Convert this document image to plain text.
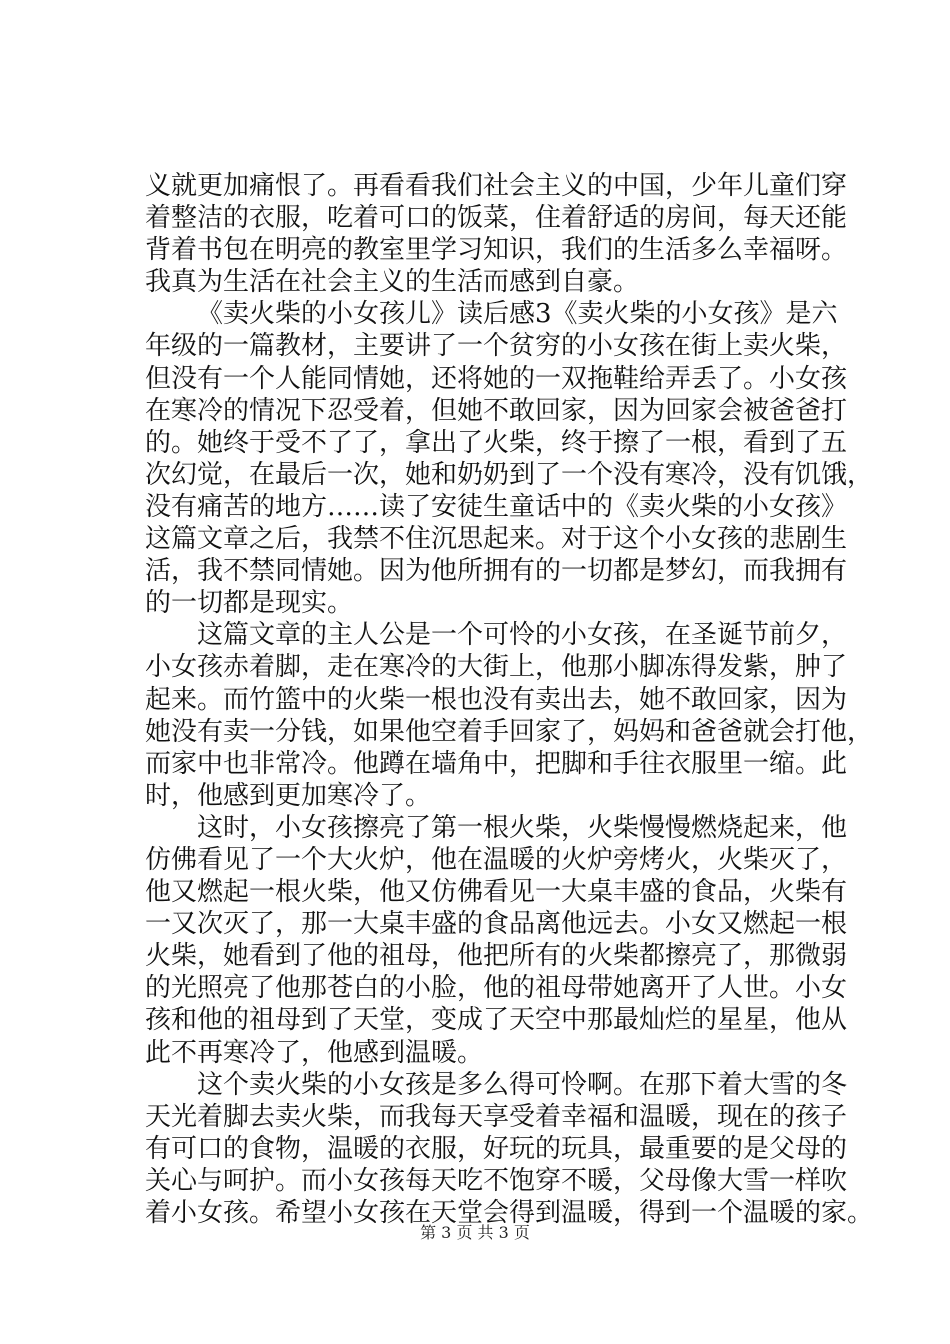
义就更加痛恨了。再看看我们社会主义的中国，少年儿童们穿
着整洁的衣服，吃着可口的饭菜，住着舒适的房间，每天还能
背着书包在明亮的教室里学习知识，我们的生活多么幸福呀。
我真为生活在社会主义的生活而感到自豪。
《卖火柴的小女孩儿》读后感3《卖火柴的小女孩》是六
年级的一篇教材，主要讲了一个贫穷的小女孩在街上卖火柴，
但没有一个人能同情她，还将她的一双拖鞋给弄丢了。小女孩
在寒冷的情况下忍受着，但她不敢回家，因为回家会被爸爸打
的。她终于受不了了，拿出了火柴，终于擦了一根，看到了五
次幻觉，在最后一次，她和奶奶到了一个没有寒冷，没有饥饿，
没有痛苦的地方……读了安徒生童话中的《卖火柴的小女孩》
这篇文章之后，我禁不住沉思起来。对于这个小女孩的悲剧生
活，我不禁同情她。因为他所拥有的一切都是梦幻，而我拥有
的一切都是现实。
这篇文章的主人公是一个可怜的小女孩，在圣诞节前夕，
小女孩赤着脚，走在寒冷的大街上，他那小脚冻得发紫，肿了
起来。而竹篮中的火柴一根也没有卖出去，她不敢回家，因为
她没有卖一分钱，如果他空着手回家了，妈妈和爸爸就会打他，
而家中也非常冷。他蹲在墙角中，把脚和手往衣服里一缩。此
时，他感到更加寒冷了。
这时，小女孩擦亮了第一根火柴，火柴慢慢燃烧起来，他
仿佛看见了一个大火炉，他在温暖的火炉旁烤火，火柴灭了，
他又燃起一根火柴，他又仿佛看见一大桌丰盛的食品，火柴有
一又次灭了，那一大桌丰盛的食品离他远去。小女又燃起一根
火柴，她看到了他的祖母，他把所有的火柴都擦亮了，那微弱
的光照亮了他那苍白的小脸，他的祖母带她离开了人世。小女
孩和他的祖母到了天堂，变成了天空中那最灿烂的星星，他从
此不再寒冷了，他感到温暖。
这个卖火柴的小女孩是多么得可怜啊。在那下着大雪的冬
天光着脚去卖火柴，而我每天享受着幸福和温暖，现在的孩子
有可口的食物，温暖的衣服，好玩的玩具，最重要的是父母的
关心与呵护。而小女孩每天吃不饱穿不暖，父母像大雪一样吹
着小女孩。希望小女孩在天堂会得到温暖，得到一个温暖的家。
第 3 页 共 3 页
